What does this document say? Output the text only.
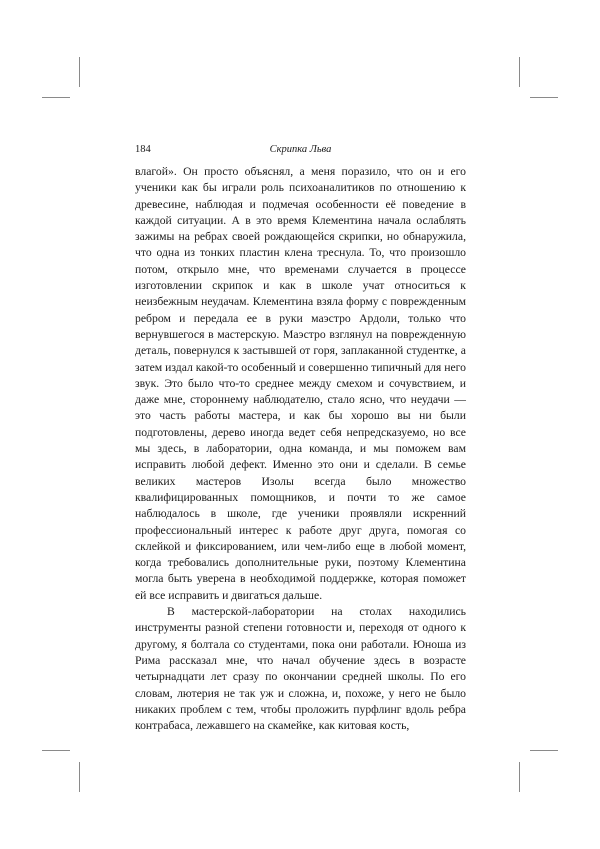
184	Скрипка Льва

влагой». Он просто объяснял, а меня поразило, что он и его ученики как бы играли роль психоаналитиков по отношению к древесине, наблюдая и подмечая особенности её поведение в каждой ситуации. А в это время Клементина начала ослаблять зажимы на ребрах своей рождающейся скрипки, но обнаружила, что одна из тонких пластин клена треснула. То, что произошло потом, открыло мне, что временами случается в процессе изготовлении скрипок и как в школе учат относиться к неизбежным неудачам. Клементина взяла форму с поврежденным ребром и передала ее в руки маэстро Ардоли, только что вернувшегося в мастерскую. Маэстро взглянул на поврежденную деталь, повернулся к застывшей от горя, заплаканной студентке, а затем издал какой-то особенный и совершенно типичный для него звук. Это было что-то среднее между смехом и сочувствием, и даже мне, стороннему наблюдателю, стало ясно, что неудачи — это часть работы мастера, и как бы хорошо вы ни были подготовлены, дерево иногда ведет себя непредсказуемо, но все мы здесь, в лаборатории, одна команда, и мы поможем вам исправить любой дефект. Именно это они и сделали. В семье великих мастеров Изолы всегда было множество квалифицированных помощников, и почти то же самое наблюдалось в школе, где ученики проявляли искренний профессиональный интерес к работе друг друга, помогая со склейкой и фиксированием, или чем-либо еще в любой момент, когда требовались дополнительные руки, поэтому Клементина могла быть уверена в необходимой поддержке, которая поможет ей все исправить и двигаться дальше.

В мастерской-лаборатории на столах находились инструменты разной степени готовности и, переходя от одного к другому, я болтала со студентами, пока они работали. Юноша из Рима рассказал мне, что начал обучение здесь в возрасте четырнадцати лет сразу по окончании средней школы. По его словам, лютерия не так уж и сложна, и, похоже, у него не было никаких проблем с тем, чтобы проложить пурфлинг вдоль ребра контрабаса, лежавшего на скамейке, как китовая кость,
